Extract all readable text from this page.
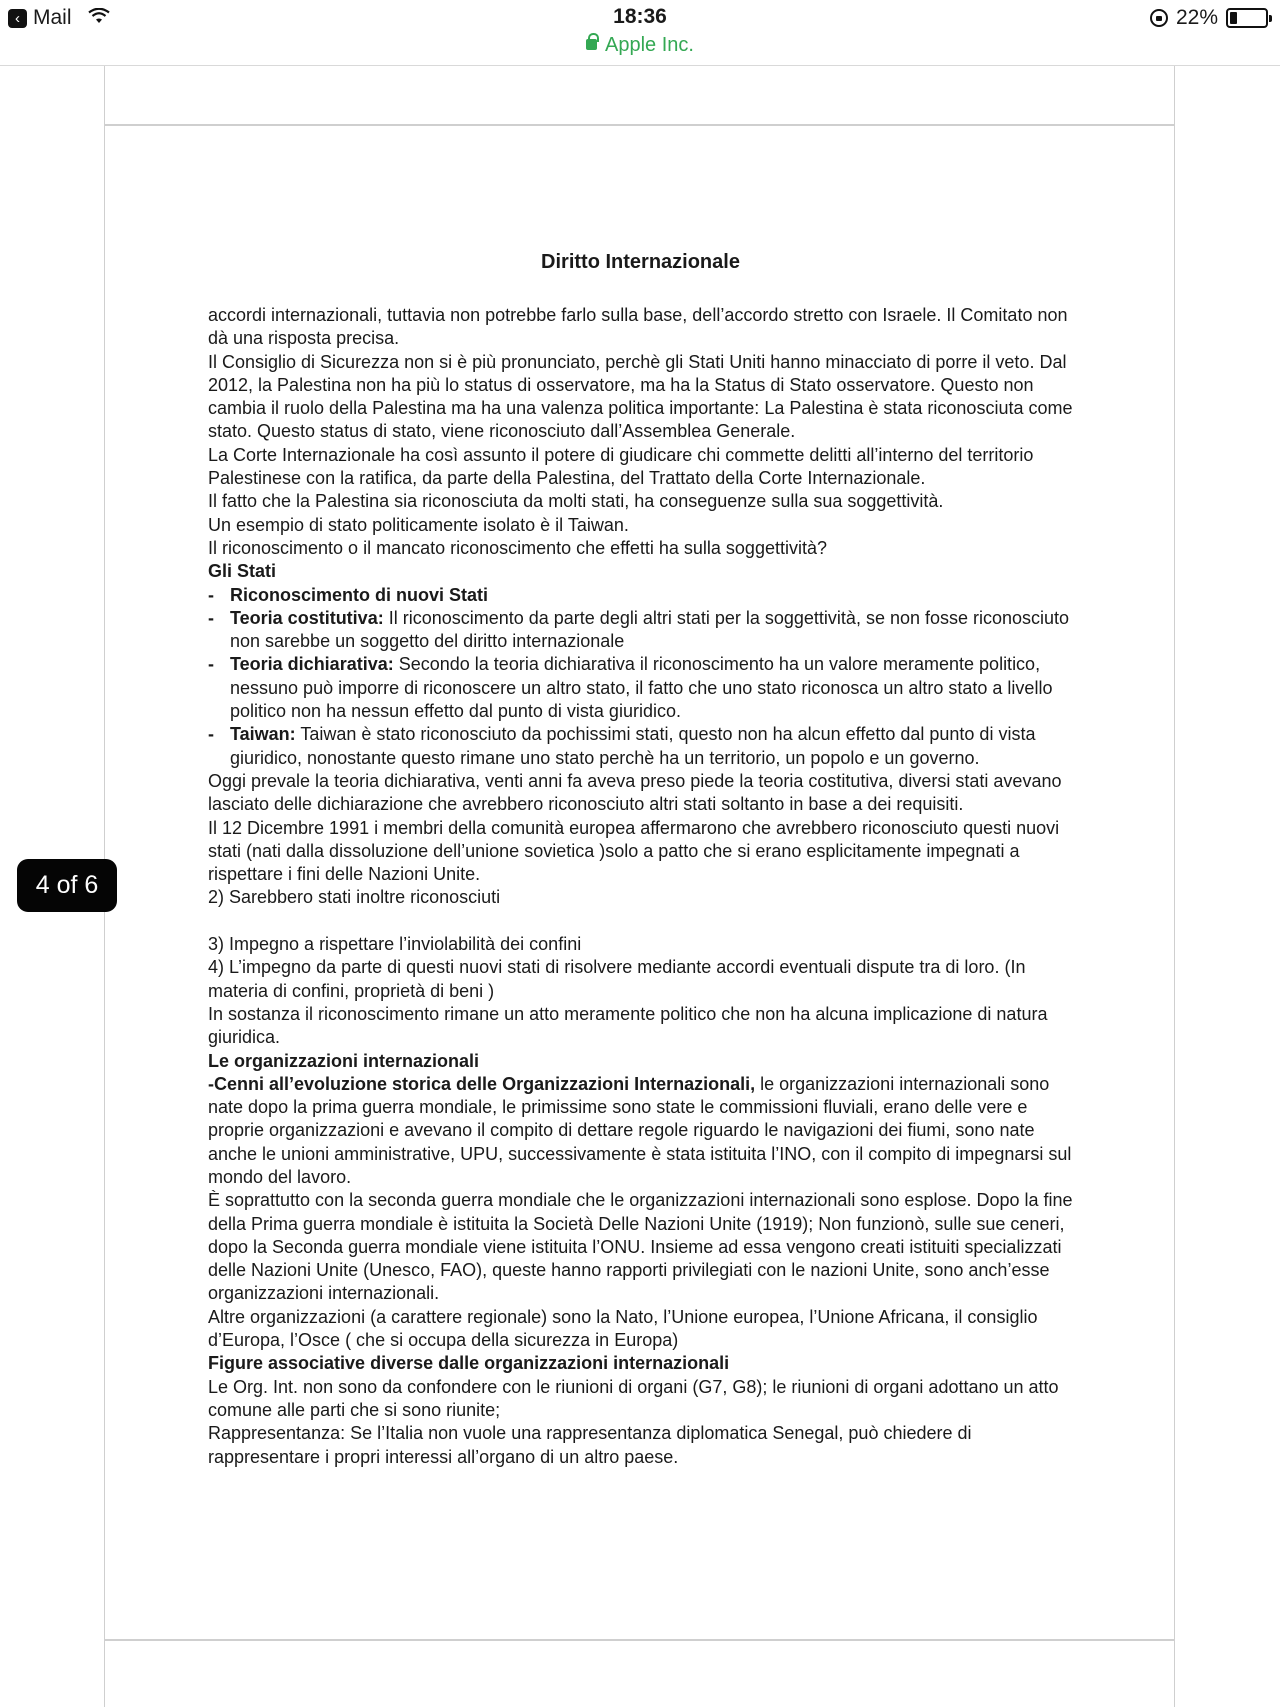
‹ Mail	18:36
Apple Inc.
22%
Diritto Internazionale

accordi internazionali, tuttavia non potrebbe farlo sulla base, dell’accordo stretto con Israele. Il Comitato non dà una risposta precisa.

Il Consiglio di Sicurezza non si è più pronunciato, perchè gli Stati Uniti hanno minacciato di porre il veto. Dal 2012, la Palestina non ha più lo status di osservatore, ma ha la Status di Stato osservatore. Questo non cambia il ruolo della Palestina ma ha una valenza politica importante: La Palestina è stata riconosciuta come stato. Questo status di stato, viene riconosciuto dall’Assemblea Generale.

La Corte Internazionale ha così assunto il potere di giudicare chi commette delitti all’interno del territorio Palestinese con la ratifica, da parte della Palestina, del Trattato della Corte Internazionale.

Il fatto che la Palestina sia riconosciuta da molti stati, ha conseguenze sulla sua soggettività.

Un esempio di stato politicamente isolato è il Taiwan.

Il riconoscimento o il mancato riconoscimento che effetti ha sulla soggettività?

Gli Stati

- Riconoscimento di nuovi Stati

- Teoria costitutiva: Il riconoscimento da parte degli altri stati per la soggettività, se non fosse riconosciuto non sarebbe un soggetto del diritto internazionale

- Teoria dichiarativa: Secondo la teoria dichiarativa il riconoscimento ha un valore meramente politico, nessuno può imporre di riconoscere un altro stato, il fatto che uno stato riconosca un altro stato a livello politico non ha nessun effetto dal punto di vista giuridico.

- Taiwan: Taiwan è stato riconosciuto da pochissimi stati, questo non ha alcun effetto dal punto di vista giuridico, nonostante questo rimane uno stato perchè ha un territorio, un popolo e un governo.

Oggi prevale la teoria dichiarativa, venti anni fa aveva preso piede la teoria costitutiva, diversi stati avevano lasciato delle dichiarazione che avrebbero riconosciuto altri stati soltanto in base a dei requisiti.

Il 12 Dicembre 1991 i membri della comunità europea affermarono che avrebbero riconosciuto questi nuovi stati (nati dalla dissoluzione dell’unione sovietica )solo a patto che si erano esplicitamente impegnati a rispettare i fini delle Nazioni Unite.

2) Sarebbero stati inoltre riconosciuti

3) Impegno a rispettare l’inviolabilità dei confini

4) L’impegno da parte di questi nuovi stati di risolvere mediante accordi eventuali dispute tra di loro. (In materia di confini, proprietà di beni )

In sostanza il riconoscimento rimane un atto meramente politico che non ha alcuna implicazione di natura giuridica.

Le organizzazioni internazionali

-Cenni all’evoluzione storica delle Organizzazioni Internazionali, le organizzazioni internazionali sono nate dopo la prima guerra mondiale, le primissime sono state le commissioni fluviali, erano delle vere e proprie organizzazioni e avevano il compito di dettare regole riguardo le navigazioni dei fiumi, sono nate anche le unioni amministrative, UPU, successivamente è stata istituita l’INO, con il compito di impegnarsi sul mondo del lavoro.

È soprattutto con la seconda guerra mondiale che le organizzazioni internazionali sono esplose. Dopo la fine della Prima guerra mondiale è istituita la Società Delle Nazioni Unite (1919); Non funzionò, sulle sue ceneri, dopo la Seconda guerra mondiale viene istituita l’ONU. Insieme ad essa vengono creati istituiti specializzati delle Nazioni Unite (Unesco, FAO), queste hanno rapporti privilegiati con le nazioni Unite, sono anch’esse organizzazioni internazionali.

Altre organizzazioni (a carattere regionale) sono la Nato, l’Unione europea, l’Unione Africana, il consiglio d’Europa, l’Osce ( che si occupa della sicurezza in Europa)

Figure associative diverse dalle organizzazioni internazionali

Le Org. Int. non sono da confondere con le riunioni di organi (G7, G8); le riunioni di organi adottano un atto comune alle parti che si sono riunite;

Rappresentanza: Se l’Italia non vuole una rappresentanza diplomatica Senegal, può chiedere di rappresentare i propri interessi all’organo di un altro paese.

4 of 6
